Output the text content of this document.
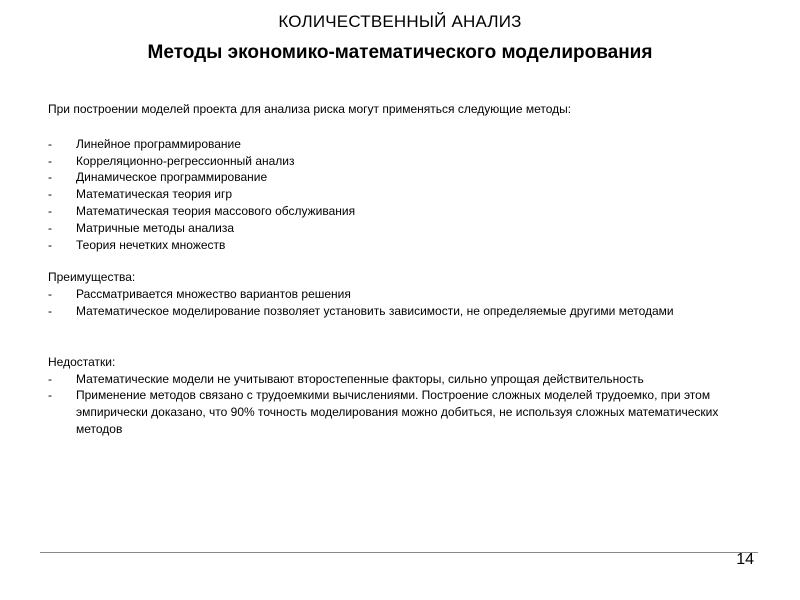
КОЛИЧЕСТВЕННЫЙ АНАЛИЗ
Методы экономико-математического моделирования

При построении моделей проекта для анализа риска могут применяться следующие методы:

- Линейное программирование
- Корреляционно-регрессионный анализ
- Динамическое программирование
- Математическая теория игр
- Математическая теория массового обслуживания
- Матричные методы анализа
- Теория нечетких множеств

Преимущества:

- Рассматривается множество вариантов решения
- Математическое моделирование позволяет установить зависимости, не определяемые другими методами

Недостатки:

- Математические модели не учитывают второстепенные факторы, сильно упрощая действительность
- Применение методов связано с трудоемкими вычислениями. Построение сложных моделей трудоемко, при этом эмпирически доказано, что 90% точность моделирования можно добиться, не используя сложных математических методов
14
